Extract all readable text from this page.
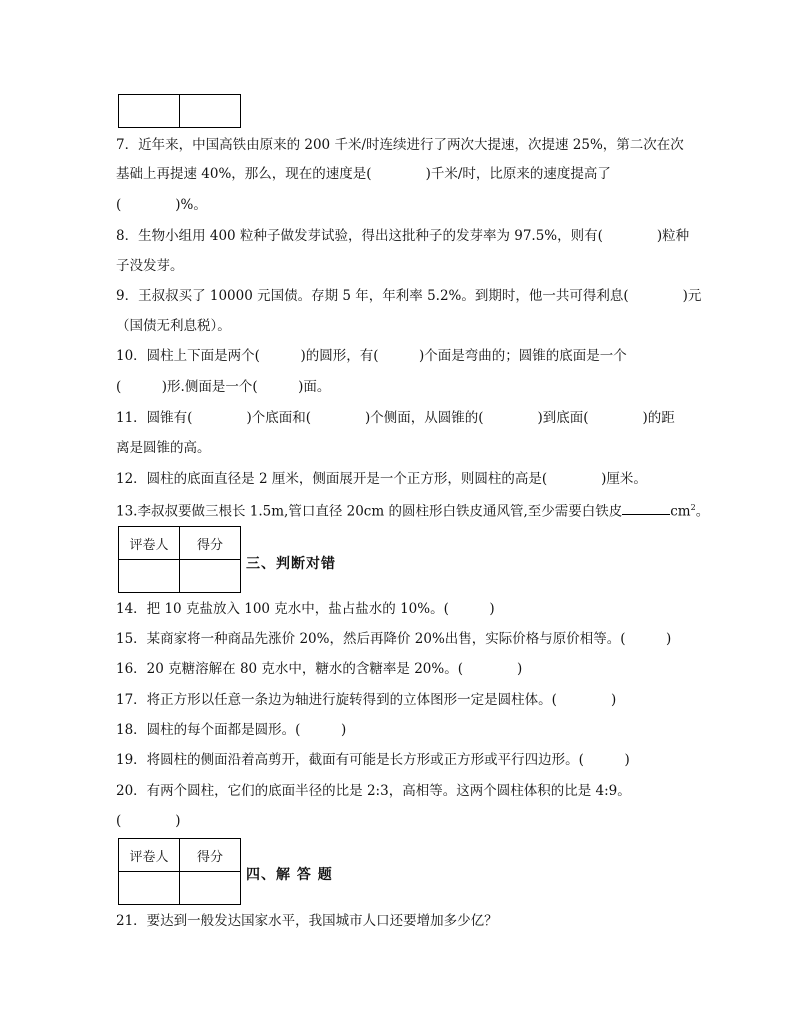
7．近年来，中国高铁由原来的 200 千米/时连续进行了两次大提速，次提速 25%，第二次在次
基础上再提速 40%，那么，现在的速度是(　　　　)千米/时，比原来的速度提高了
(　　　　)%。
8．生物小组用 400 粒种子做发芽试验，得出这批种子的发芽率为 97.5%，则有(　　　　)粒种
子没发芽。
9．王叔叔买了 10000 元国债。存期 5 年，年利率 5.2%。到期时，他一共可得利息(　　　　)元
（国债无利息税）。
10．圆柱上下面是两个(　　　)的圆形，有(　　　)个面是弯曲的；圆锥的底面是一个
(　　　)形.侧面是一个(　　　)面。
11．圆锥有(　　　　)个底面和(　　　　)个侧面，从圆锥的(　　　　)到底面(　　　　)的距
离是圆锥的高。
12．圆柱的底面直径是 2 厘米，侧面展开是一个正方形，则圆柱的高是(　　　　)厘米。
13.李叔叔要做三根长 1.5m,管口直径 20cm 的圆柱形白铁皮通风管,至少需要白铁皮	$cm^2$。
评卷人	得分

三、判断对错
14．把 10 克盐放入 100 克水中，盐占盐水的 10%。(　　　)
15．某商家将一种商品先涨价 20%，然后再降价 20%出售，实际价格与原价相等。(　　　)
16．20 克糖溶解在 80 克水中，糖水的含糖率是 20%。(　　　　)
17．将正方形以任意一条边为轴进行旋转得到的立体图形一定是圆柱体。(　　　　)
18．圆柱的每个面都是圆形。(　　　)
19．将圆柱的侧面沿着高剪开，截面有可能是长方形或正方形或平行四边形。(　　　)
20．有两个圆柱，它们的底面半径的比是 2:3，高相等。这两个圆柱体积的比是 4:9。
(　　　　)
评卷人	得分

四、解 答 题
21．要达到一般发达国家水平，我国城市人口还要增加多少亿？
